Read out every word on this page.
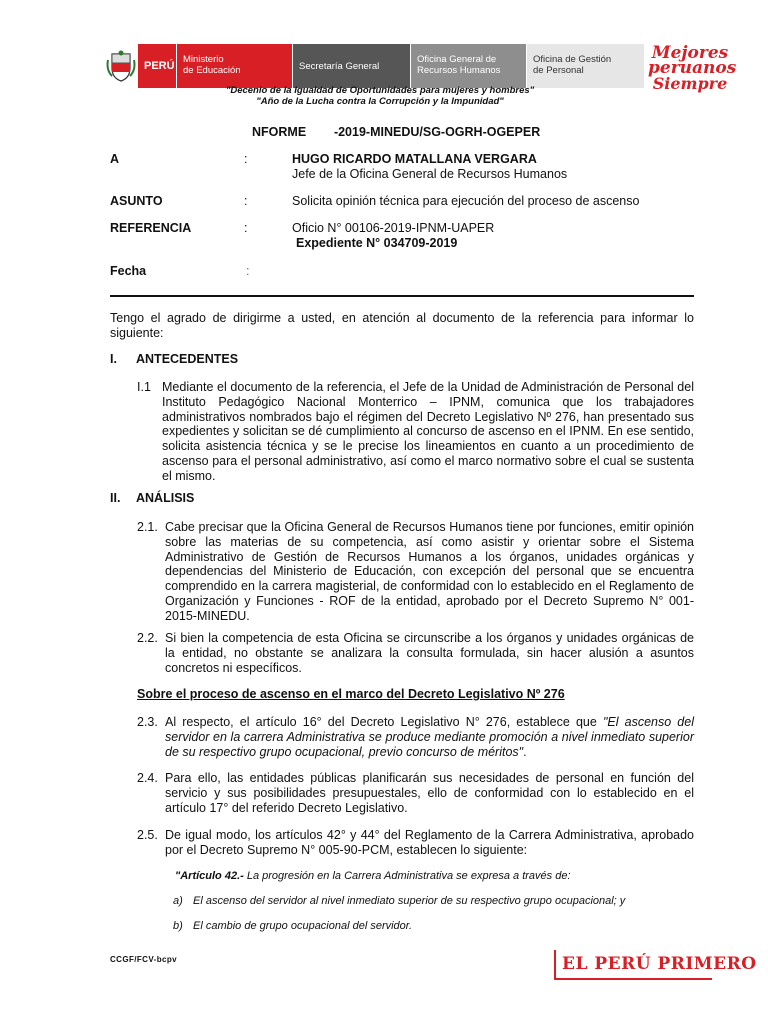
PERÚ
Ministerio
de Educación	Secretaría General
Oficina General de
Recursos Humanos
Oficina de Gestión
de Personal
Mejores
peruanos
Siempre
"Decenio de la Igualdad de Oportunidades para mujeres y hombres"
"Año de la Lucha contra la Corrupción y la Impunidad"
NFORME        -2019-MINEDU/SG-OGRH-OGEPER
A	:	HUGO RICARDO MATALLANA VERGARA
Jefe de la Oficina General de Recursos Humanos
ASUNTO	:	Solicita opinión técnica para ejecución del proceso de ascenso
REFERENCIA	:	Oficio N° 00106-2019-IPNM-UAPER
Expediente N° 034709-2019
Fecha	:
Tengo el agrado de dirigirme a usted, en atención al documento de la referencia para informar lo siguiente:
I. ANTECEDENTES
I.1 Mediante el documento de la referencia, el Jefe de la Unidad de Administración de Personal del Instituto Pedagógico Nacional Monterrico – IPNM, comunica que los trabajadores administrativos nombrados bajo el régimen del Decreto Legislativo Nº 276, han presentado sus expedientes y solicitan se dé cumplimiento al concurso de ascenso en el IPNM. En ese sentido, solicita asistencia técnica y se le precise los lineamientos en cuanto a un procedimiento de ascenso para el personal administrativo, así como el marco normativo sobre el cual se sustenta el mismo.
II. ANÁLISIS
2.1. Cabe precisar que la Oficina General de Recursos Humanos tiene por funciones, emitir opinión sobre las materias de su competencia, así como asistir y orientar sobre el Sistema Administrativo de Gestión de Recursos Humanos a los órganos, unidades orgánicas y dependencias del Ministerio de Educación, con excepción del personal que se encuentra comprendido en la carrera magisterial, de conformidad con lo establecido en el Reglamento de Organización y Funciones - ROF de la entidad, aprobado por el Decreto Supremo N° 001-2015-MINEDU.
2.2. Si bien la competencia de esta Oficina se circunscribe a los órganos y unidades orgánicas de la entidad, no obstante se analizara la consulta formulada, sin hacer alusión a asuntos concretos ni específicos.
Sobre el proceso de ascenso en el marco del Decreto Legislativo Nº 276
2.3. Al respecto, el artículo 16° del Decreto Legislativo N° 276, establece que "El ascenso del servidor en la carrera Administrativa se produce mediante promoción a nivel inmediato superior de su respectivo grupo ocupacional, previo concurso de méritos".
2.4. Para ello, las entidades públicas planificarán sus necesidades de personal en función del servicio y sus posibilidades presupuestales, ello de conformidad con lo establecido en el artículo 17° del referido Decreto Legislativo.
2.5. De igual modo, los artículos 42° y 44° del Reglamento de la Carrera Administrativa, aprobado por el Decreto Supremo N° 005-90-PCM, establecen lo siguiente:
"Artículo 42.- La progresión en la Carrera Administrativa se expresa a través de:
a) El ascenso del servidor al nivel inmediato superior de su respectivo grupo ocupacional; y
b) El cambio de grupo ocupacional del servidor.
CCGF/FCV-bcpv	EL PERÚ PRIMERO
